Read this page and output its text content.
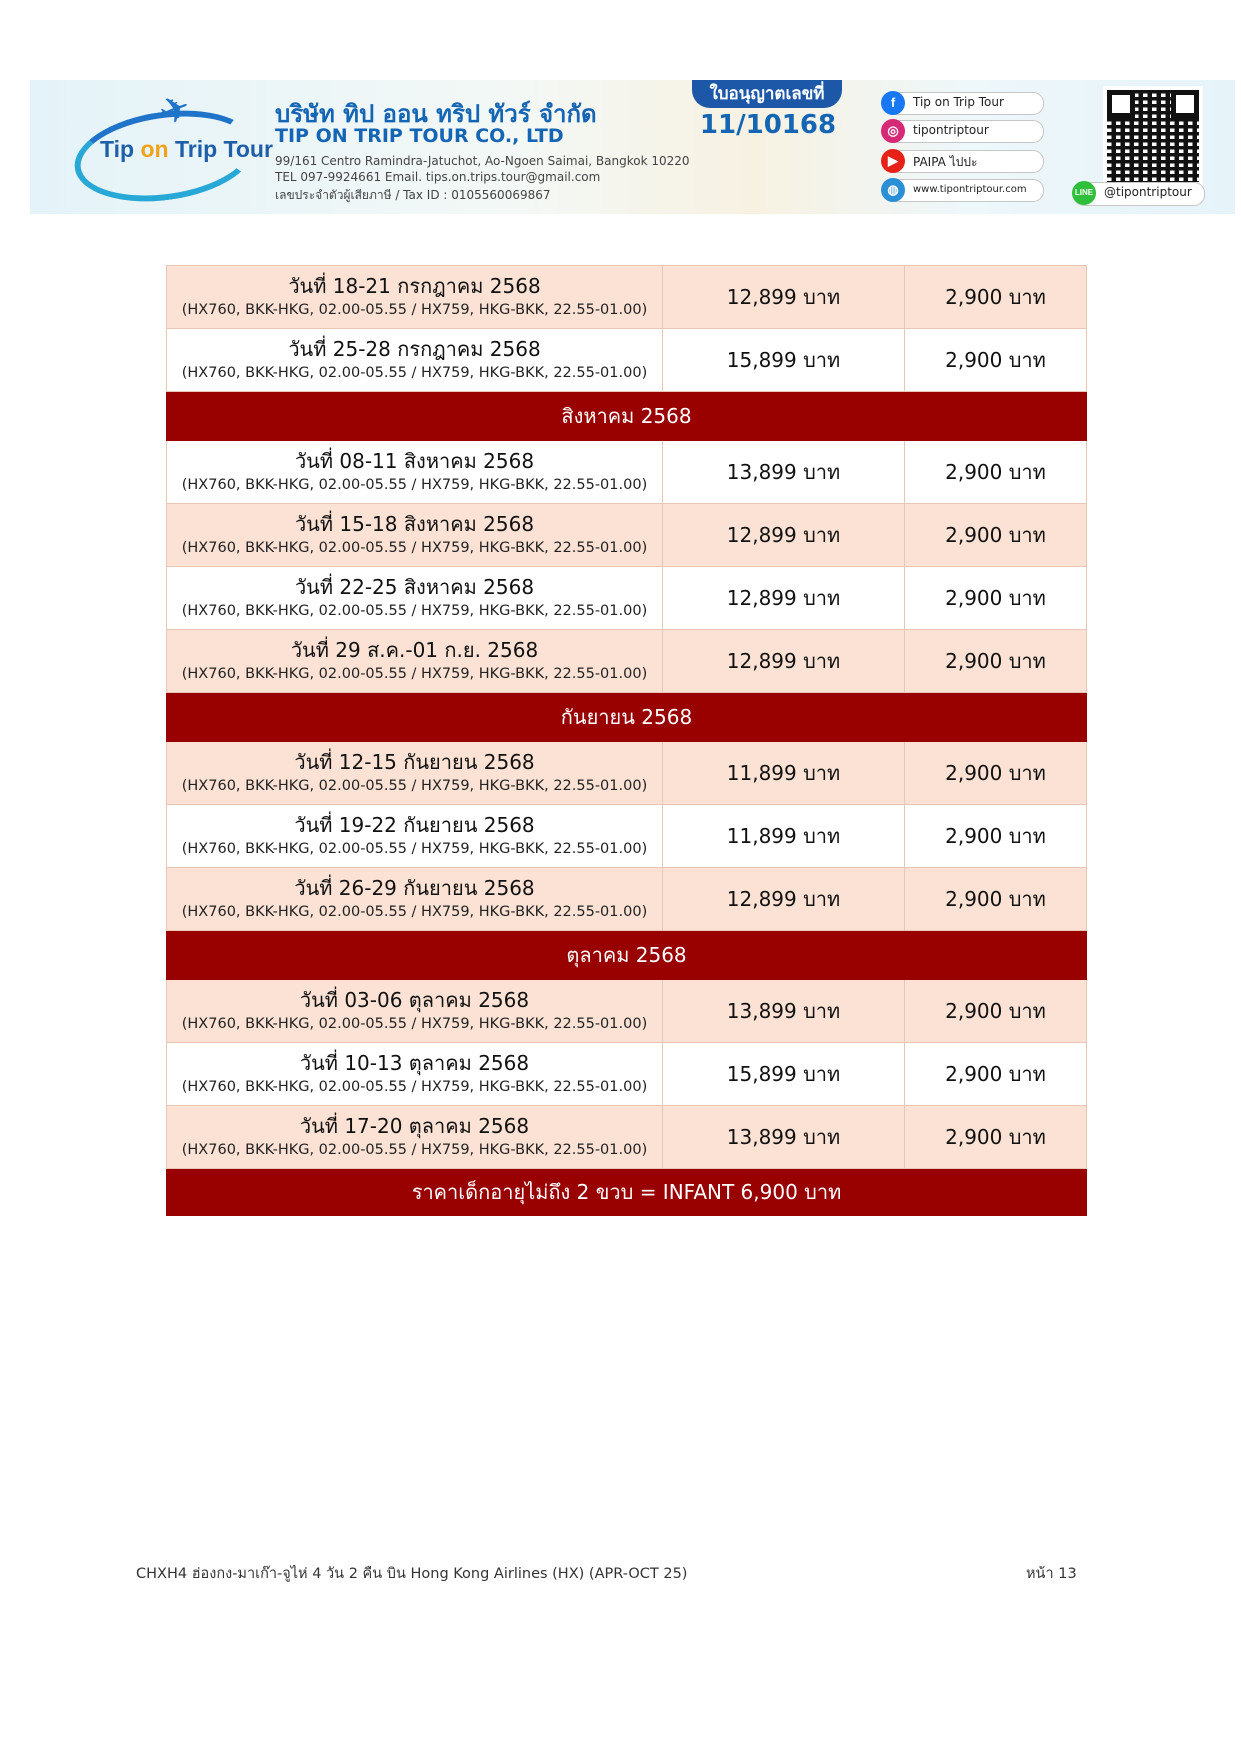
✈
Tip on Trip Tour
บริษัท ทิป ออน ทริป ทัวร์ จำกัด
TIP ON TRIP TOUR CO., LTD
99/161 Centro Ramindra-Jatuchot, Ao-Ngoen Saimai, Bangkok 10220
TEL 097-9924661 Email. tips.on.trips.tour@gmail.com
เลขประจำตัวผู้เสียภาษี / Tax ID : 0105560069867
ใบอนุญาตเลขที่
11/10168
f	Tip on Trip Tour
◎	tipontriptour
▶	PAIPA ไปปะ
◍	www.tipontriptour.com	LINE @tipontriptour
วันที่ 18-21 กรกฎาคม 2568
(HX760, BKK-HKG, 02.00-05.55 / HX759, HKG-BKK, 22.55-01.00)	12,899 บาท	2,900 บาท

วันที่ 25-28 กรกฎาคม 2568
(HX760, BKK-HKG, 02.00-05.55 / HX759, HKG-BKK, 22.55-01.00)	15,899 บาท	2,900 บาท
สิงหาคม 2568		

วันที่ 08-11 สิงหาคม 2568
(HX760, BKK-HKG, 02.00-05.55 / HX759, HKG-BKK, 22.55-01.00)	13,899 บาท	2,900 บาท

วันที่ 15-18 สิงหาคม 2568
(HX760, BKK-HKG, 02.00-05.55 / HX759, HKG-BKK, 22.55-01.00)	12,899 บาท	2,900 บาท

วันที่ 22-25 สิงหาคม 2568
(HX760, BKK-HKG, 02.00-05.55 / HX759, HKG-BKK, 22.55-01.00)	12,899 บาท	2,900 บาท

วันที่ 29 ส.ค.-01 ก.ย. 2568
(HX760, BKK-HKG, 02.00-05.55 / HX759, HKG-BKK, 22.55-01.00)	12,899 บาท	2,900 บาท
กันยายน 2568		

วันที่ 12-15 กันยายน 2568
(HX760, BKK-HKG, 02.00-05.55 / HX759, HKG-BKK, 22.55-01.00)	11,899 บาท	2,900 บาท

วันที่ 19-22 กันยายน 2568
(HX760, BKK-HKG, 02.00-05.55 / HX759, HKG-BKK, 22.55-01.00)	11,899 บาท	2,900 บาท

วันที่ 26-29 กันยายน 2568
(HX760, BKK-HKG, 02.00-05.55 / HX759, HKG-BKK, 22.55-01.00)	12,899 บาท	2,900 บาท
ตุลาคม 2568		

วันที่ 03-06 ตุลาคม 2568
(HX760, BKK-HKG, 02.00-05.55 / HX759, HKG-BKK, 22.55-01.00)	13,899 บาท	2,900 บาท

วันที่ 10-13 ตุลาคม 2568
(HX760, BKK-HKG, 02.00-05.55 / HX759, HKG-BKK, 22.55-01.00)	15,899 บาท	2,900 บาท

วันที่ 17-20 ตุลาคม 2568
(HX760, BKK-HKG, 02.00-05.55 / HX759, HKG-BKK, 22.55-01.00)	13,899 บาท	2,900 บาท
ราคาเด็กอายุไม่ถึง 2 ขวบ = INFANT 6,900 บาท		
CHXH4 ฮ่องกง-มาเก๊า-จูไห่ 4 วัน 2 คืน บิน Hong Kong Airlines (HX) (APR-OCT 25)	หน้า 13
